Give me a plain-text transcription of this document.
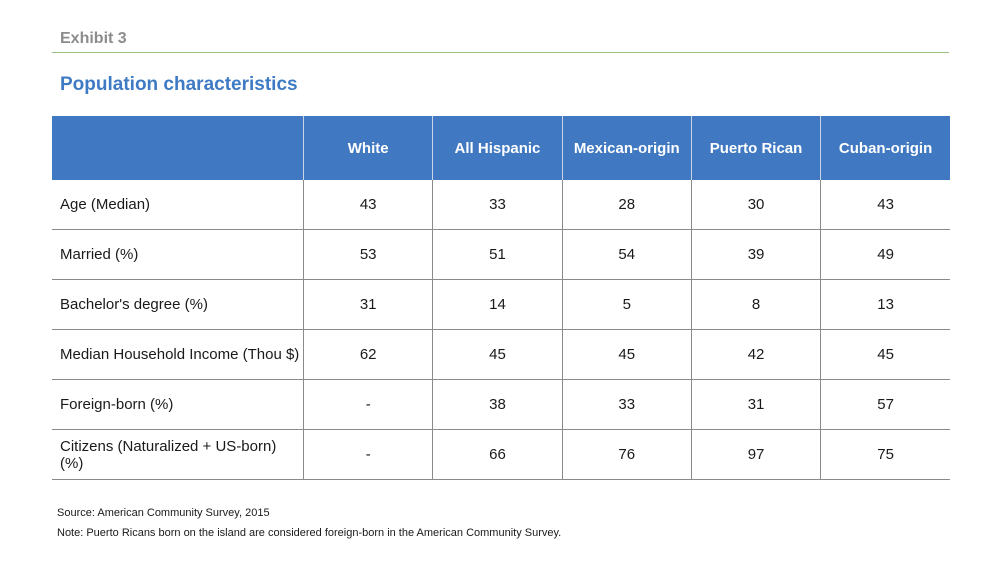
Exhibit 3
Population characteristics
	White	All Hispanic	Mexican-origin	Puerto Rican	Cuban-origin
Age (Median)	43	33	28	30	43
Married (%)	53	51	54	39	49
Bachelor's degree (%)	31	14	5	8	13
Median Household Income (Thou $)	62	45	45	42	45
Foreign-born (%)	-	38	33	31	57
Citizens (Naturalized + US-born) (%)	-	66	76	97	75
Source: American Community Survey, 2015
Note: Puerto Ricans born on the island are considered foreign-born in the American Community Survey.
